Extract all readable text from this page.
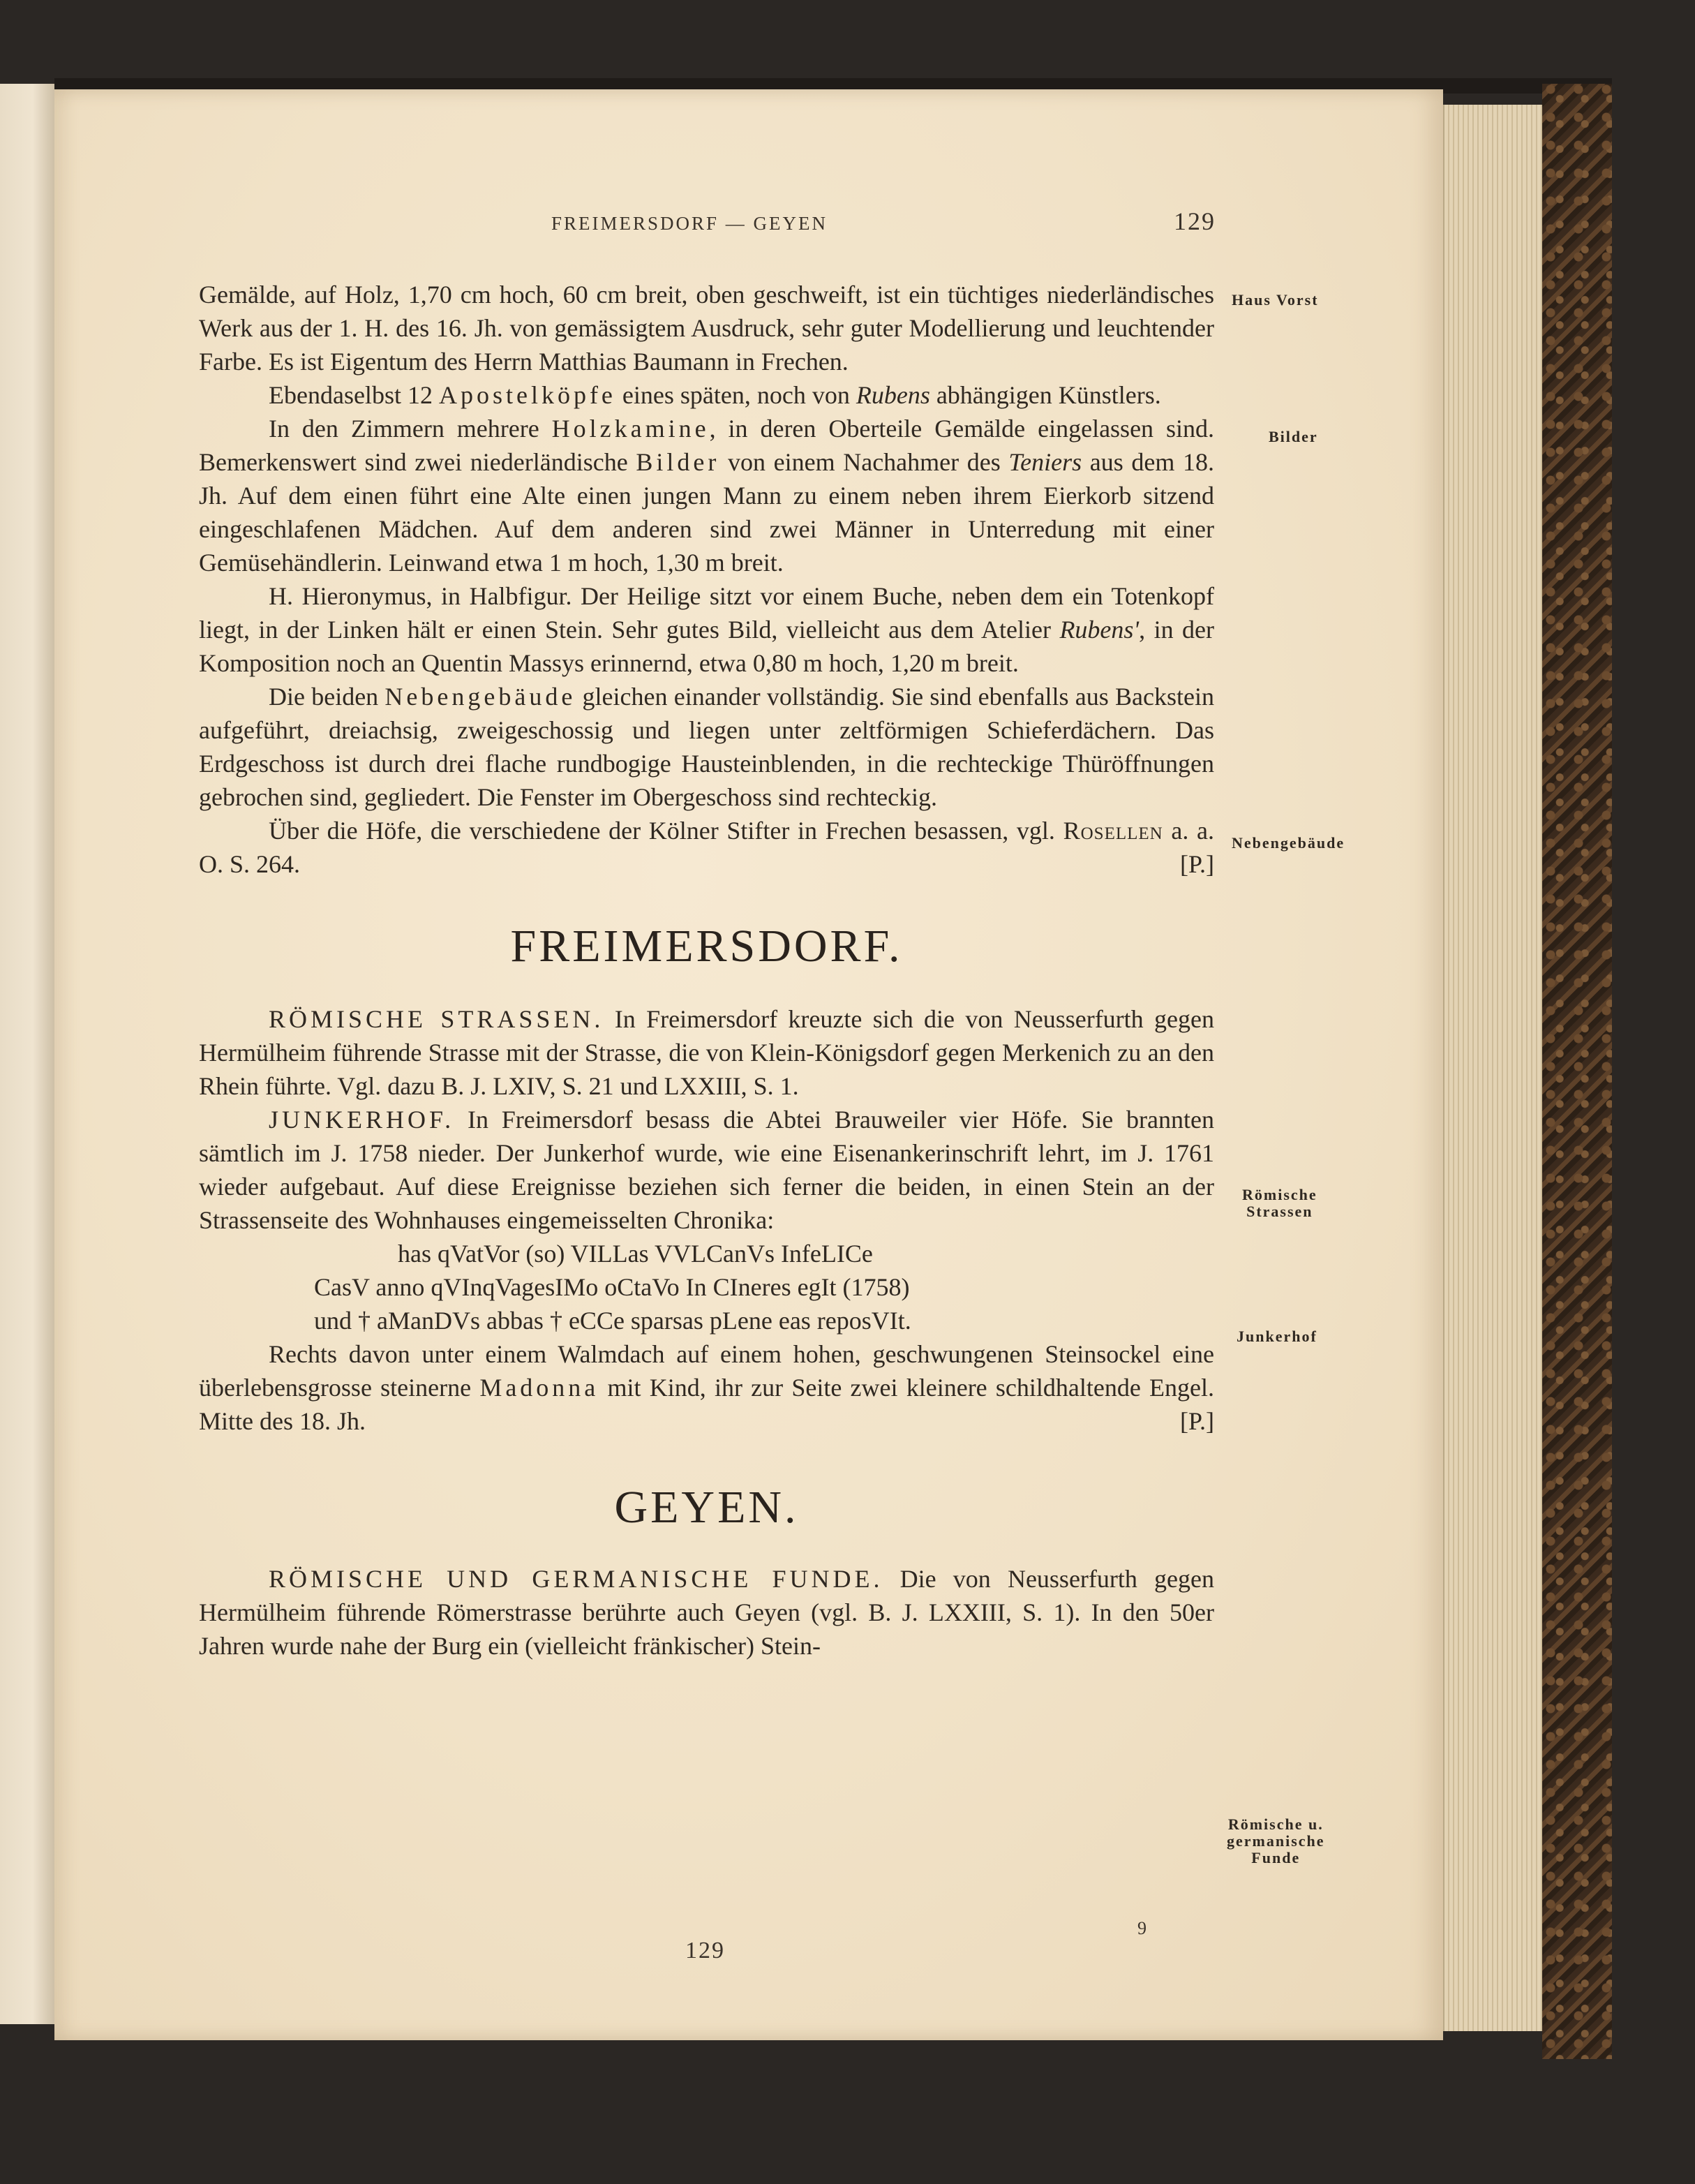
FREIMERSDORF — GEYEN	129
Haus Vorst
Bilder
Nebengebäude
Römische
Strassen
Junkerhof
Römische u.
germanische
Funde

Gemälde, auf Holz, 1,70 cm hoch, 60 cm breit, oben geschweift, ist ein tüchtiges niederländisches Werk aus der 1. H. des 16. Jh. von gemässigtem Ausdruck, sehr guter Modellierung und leuchtender Farbe. Es ist Eigentum des Herrn Matthias Baumann in Frechen.

Ebendaselbst 12 Apostelköpfe eines späten, noch von Rubens abhängigen Künstlers.

In den Zimmern mehrere Holzkamine, in deren Oberteile Gemälde eingelassen sind. Bemerkenswert sind zwei niederländische Bilder von einem Nachahmer des Teniers aus dem 18. Jh. Auf dem einen führt eine Alte einen jungen Mann zu einem neben ihrem Eierkorb sitzend eingeschlafenen Mädchen. Auf dem anderen sind zwei Männer in Unterredung mit einer Gemüsehändlerin. Leinwand etwa 1 m hoch, 1,30 m breit.

H. Hieronymus, in Halbfigur. Der Heilige sitzt vor einem Buche, neben dem ein Totenkopf liegt, in der Linken hält er einen Stein. Sehr gutes Bild, vielleicht aus dem Atelier Rubens', in der Komposition noch an Quentin Massys erinnernd, etwa 0,80 m hoch, 1,20 m breit.

Die beiden Nebengebäude gleichen einander vollständig. Sie sind ebenfalls aus Backstein aufgeführt, dreiachsig, zweigeschossig und liegen unter zeltförmigen Schieferdächern. Das Erdgeschoss ist durch drei flache rundbogige Hausteinblenden, in die rechteckige Thüröffnungen gebrochen sind, gegliedert. Die Fenster im Obergeschoss sind rechteckig.

Über die Höfe, die verschiedene der Kölner Stifter in Frechen besassen, vgl. Rosellen a. a. O. S. 264.	[P.]

FREIMERSDORF.

RÖMISCHE STRASSEN. In Freimersdorf kreuzte sich die von Neusserfurth gegen Hermülheim führende Strasse mit der Strasse, die von Klein-Königsdorf gegen Merkenich zu an den Rhein führte. Vgl. dazu B. J. LXIV, S. 21 und LXXIII, S. 1.

JUNKERHOF. In Freimersdorf besass die Abtei Brauweiler vier Höfe. Sie brannten sämtlich im J. 1758 nieder. Der Junkerhof wurde, wie eine Eisenankerinschrift lehrt, im J. 1761 wieder aufgebaut. Auf diese Ereignisse beziehen sich ferner die beiden, in einen Stein an der Strassenseite des Wohnhauses eingemeisselten Chronika:

has qVatVor (so) VILLas VVLCanVs InfeLICe
CasV anno qVInqVagesIMo oCtaVo In CIneres egIt (1758)
und † aManDVs abbas † eCCe sparsas pLene eas reposVIt.

Rechts davon unter einem Walmdach auf einem hohen, geschwungenen Steinsockel eine überlebensgrosse steinerne Madonna mit Kind, ihr zur Seite zwei kleinere schildhaltende Engel. Mitte des 18. Jh.	[P.]

GEYEN.

RÖMISCHE UND GERMANISCHE FUNDE. Die von Neusserfurth gegen Hermülheim führende Römerstrasse berührte auch Geyen (vgl. B. J. LXXIII, S. 1). In den 50er Jahren wurde nahe der Burg ein (vielleicht fränkischer) Stein-

9
129
